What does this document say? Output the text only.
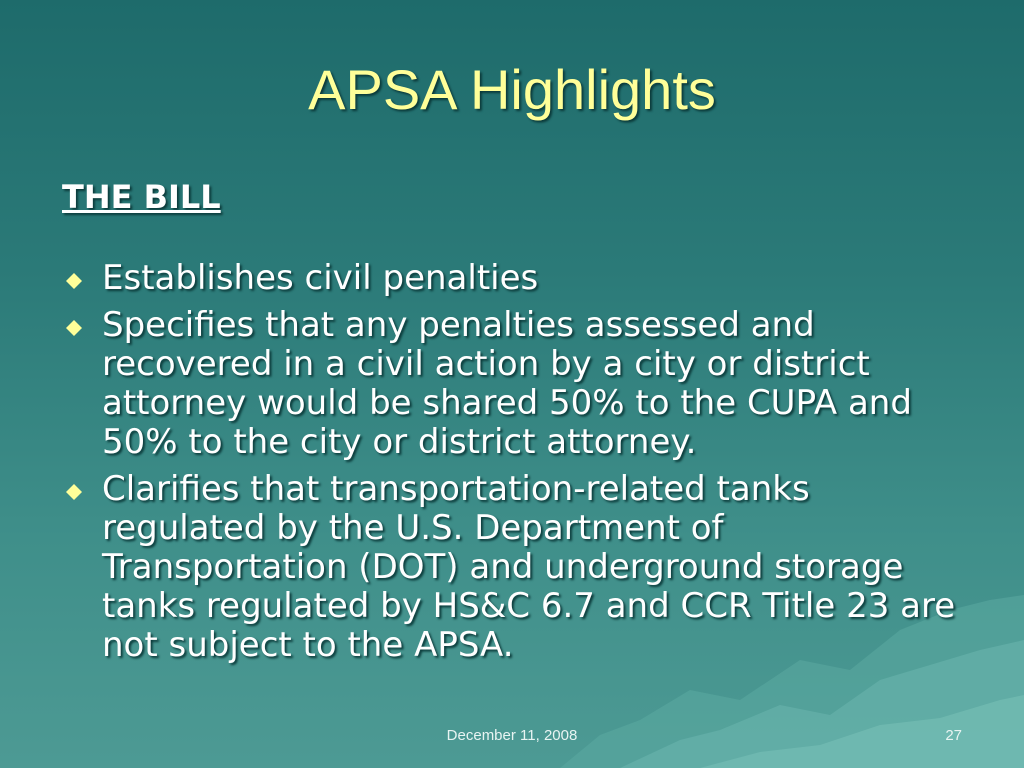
APSA Highlights
THE BILL
Establishes civil penalties
Specifies that any penalties assessed and recovered in a civil action by a city or district attorney would be shared 50% to the CUPA and 50% to the city or district attorney.
Clarifies that transportation-related tanks regulated by the U.S. Department of Transportation (DOT) and underground storage tanks regulated by HS&C 6.7 and CCR Title 23 are not subject to the APSA.
December 11, 2008	27
